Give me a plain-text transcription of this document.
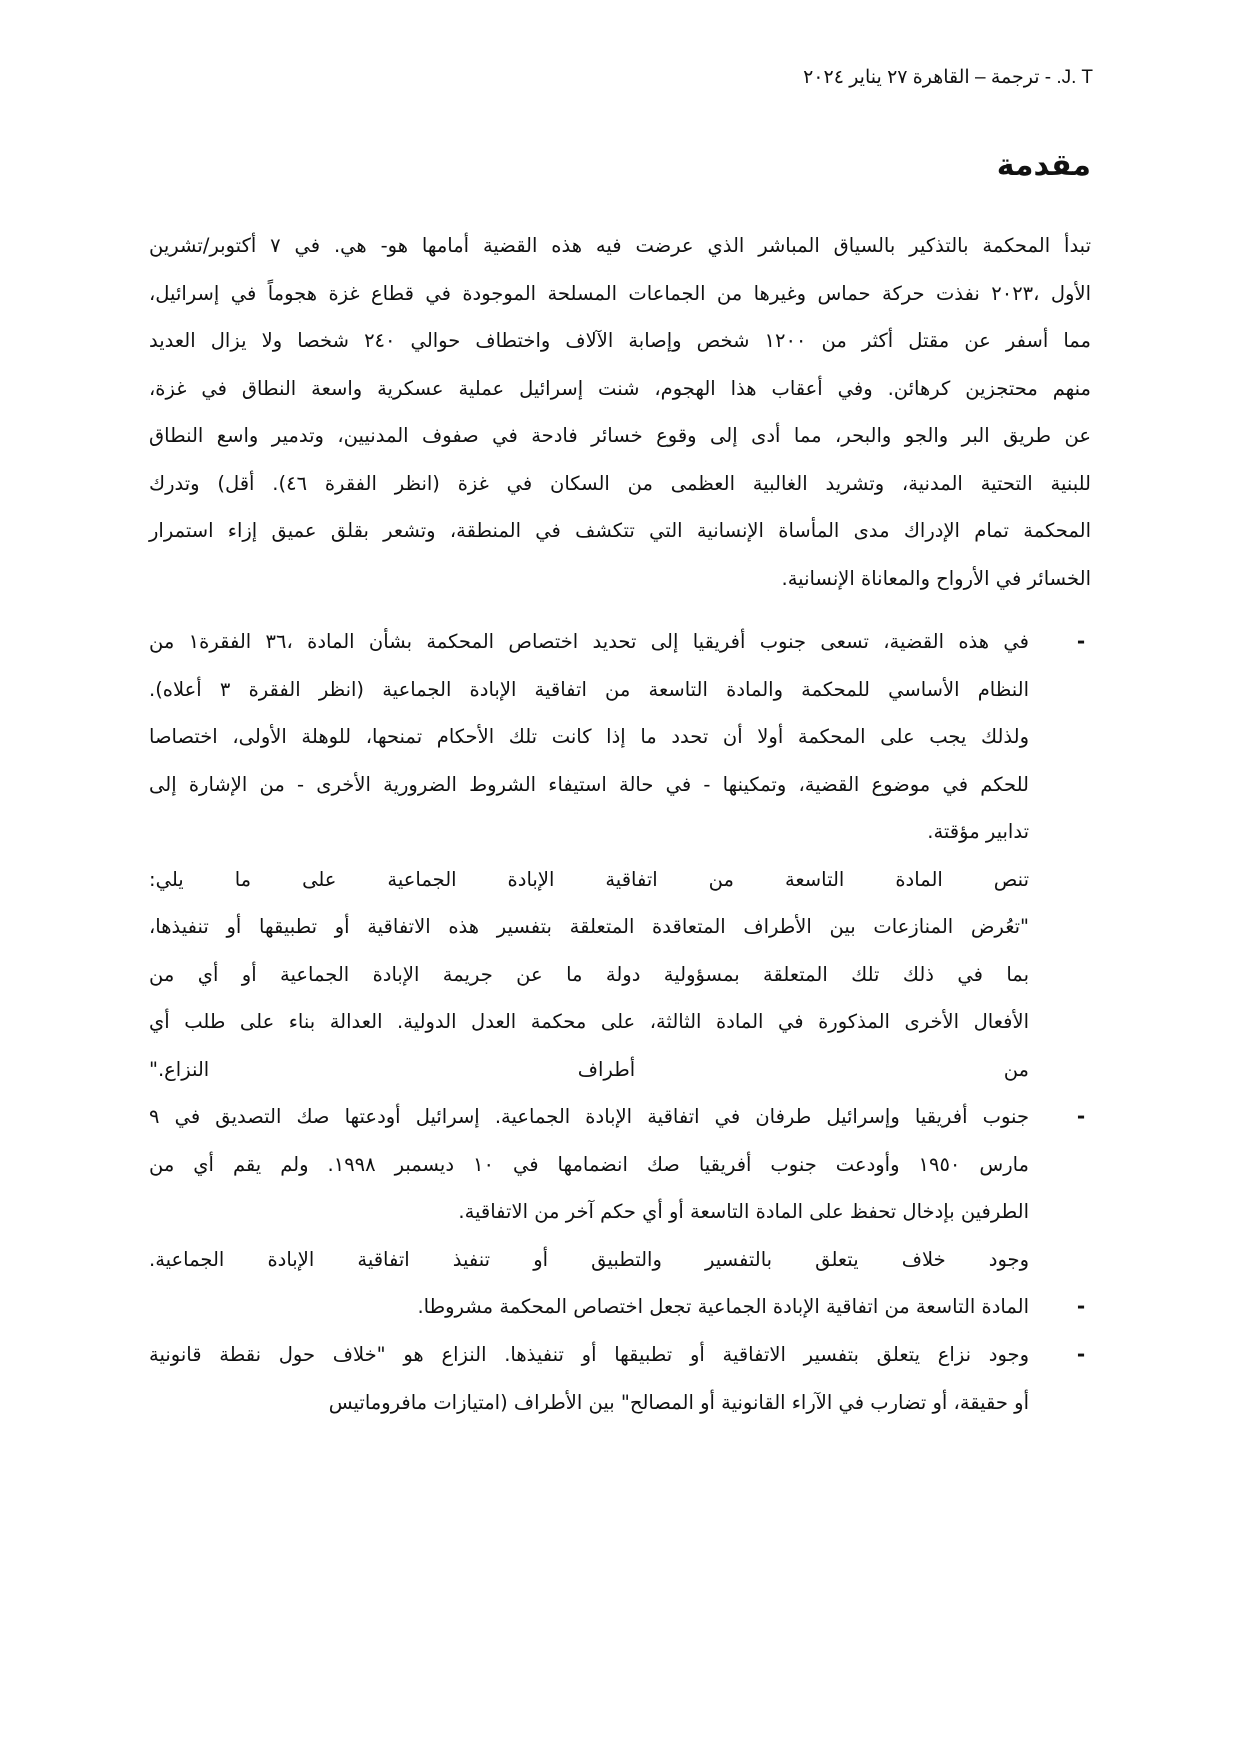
J. T. - ترجمة – القاهرة ٢٧ يناير ٢٠٢٤
مقدمة

تبدأ المحكمة بالتذكير بالسياق المباشر الذي عرضت فيه هذه القضية أمامها هو- هي. في ٧ أكتوبر/تشرين
الأول ،٢٠٢٣ نفذت حركة حماس وغيرها من الجماعات المسلحة الموجودة في قطاع غزة هجوماً في إسرائيل،
مما أسفر عن مقتل أكثر من ١٢٠٠ شخص وإصابة الآلاف واختطاف حوالي ٢٤٠ شخصا ولا يزال العديد
منهم محتجزين كرهائن. وفي أعقاب هذا الهجوم، شنت إسرائيل عملية عسكرية واسعة النطاق في غزة،
عن طريق البر والجو والبحر، مما أدى إلى وقوع خسائر فادحة في صفوف المدنيين، وتدمير واسع النطاق
للبنية التحتية المدنية، وتشريد الغالبية العظمى من السكان في غزة (انظر الفقرة ٤٦). أقل) وتدرك
المحكمة تمام الإدراك مدى المأساة الإنسانية التي تتكشف في المنطقة، وتشعر بقلق عميق إزاء استمرار
الخسائر في الأرواح والمعاناة الإنسانية.

-
في هذه القضية، تسعى جنوب أفريقيا إلى تحديد اختصاص المحكمة بشأن المادة ،٣٦ الفقرة١ من
النظام الأساسي للمحكمة والمادة التاسعة من اتفاقية الإبادة الجماعية (انظر الفقرة ٣ أعلاه).
ولذلك يجب على المحكمة أولا أن تحدد ما إذا كانت تلك الأحكام تمنحها، للوهلة الأولى، اختصاصا
للحكم في موضوع القضية، وتمكينها - في حالة استيفاء الشروط الضرورية الأخرى - من الإشارة إلى
تدابير مؤقتة.
تنص المادة التاسعة من اتفاقية الإبادة الجماعية على ما يلي:
"تعُرض المنازعات بين الأطراف المتعاقدة المتعلقة بتفسير هذه الاتفاقية أو تطبيقها أو تنفيذها،
بما في ذلك تلك المتعلقة بمسؤولية دولة ما عن جريمة الإبادة الجماعية أو أي من
الأفعال الأخرى المذكورة في المادة الثالثة، على محكمة العدل الدولية. العدالة بناء على طلب أي
من أطراف النزاع."
-
جنوب أفريقيا وإسرائيل طرفان في اتفاقية الإبادة الجماعية. إسرائيل أودعتها صك التصديق في ٩
مارس ١٩٥٠ وأودعت جنوب أفريقيا صك انضمامها في ١٠ ديسمبر ١٩٩٨. ولم يقم أي من
الطرفين بإدخال تحفظ على المادة التاسعة أو أي حكم آخر من الاتفاقية.
وجود خلاف يتعلق بالتفسير والتطبيق أو تنفيذ اتفاقية الإبادة الجماعية.
-
المادة التاسعة من اتفاقية الإبادة الجماعية تجعل اختصاص المحكمة مشروطا.
-
وجود نزاع يتعلق بتفسير الاتفاقية أو تطبيقها أو تنفيذها. النزاع هو "خلاف حول نقطة قانونية
أو حقيقة، أو تضارب في الآراء القانونية أو المصالح" بين الأطراف (امتيازات مافروماتيس
